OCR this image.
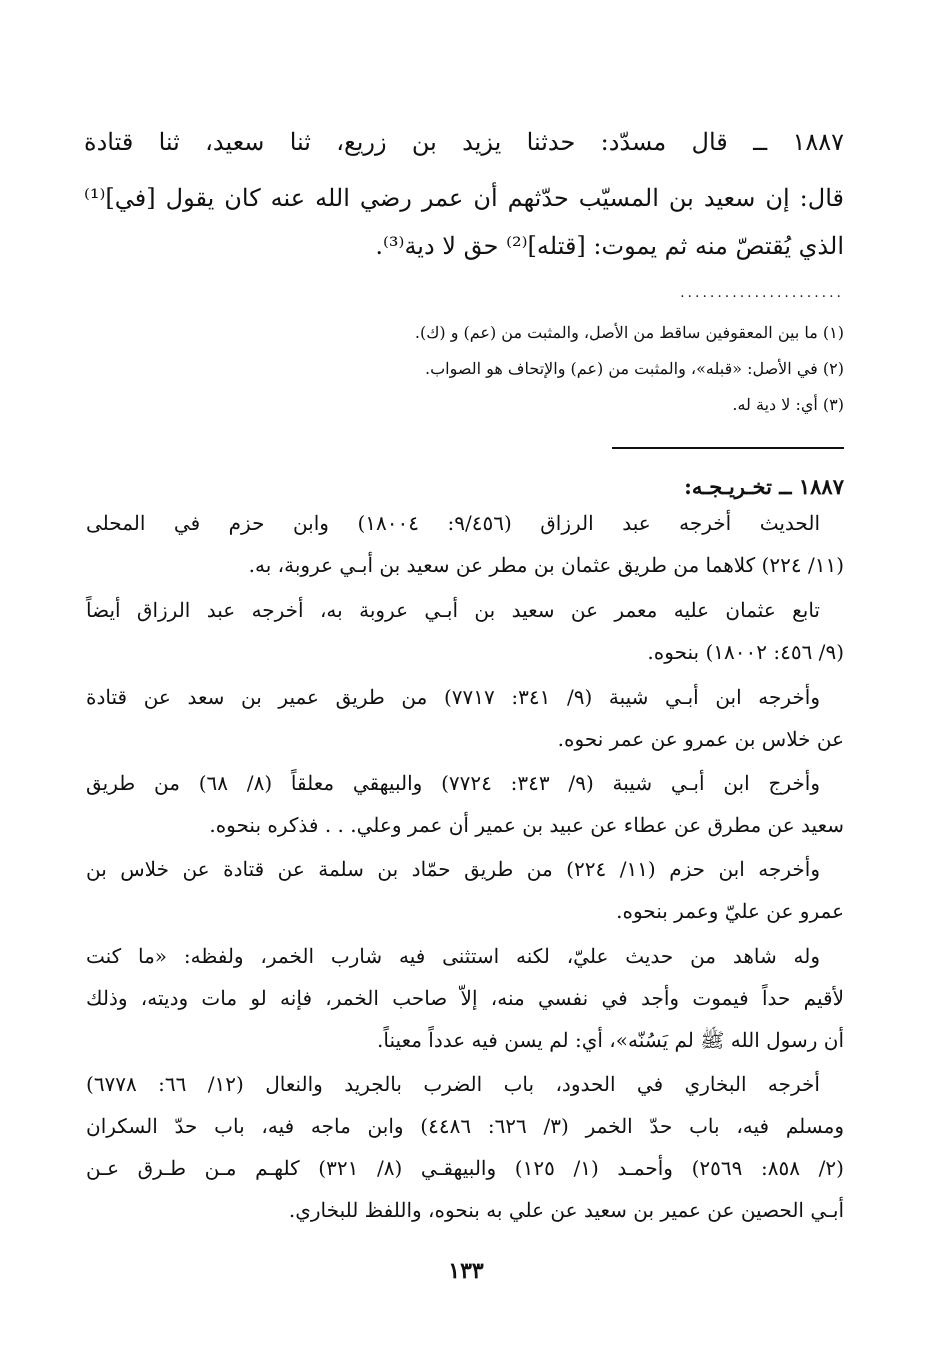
١٨٨٧ ــ قال مسدّد: حدثنا يزيد بن زريع، ثنا سعيد، ثنا قتادة
قال: إن سعيد بن المسيّب حدّثهم أن عمر رضي الله عنه كان يقول [في]⁽¹⁾
الذي يُقتصّ منه ثم يموت: [قتله]⁽²⁾ حق لا دية⁽³⁾.
......................
(١) ما بين المعقوفين ساقط من الأصل، والمثبت من (عم) و (ك).
(٢) في الأصل: «قبله»، والمثبت من (عم) والإتحاف هو الصواب.
(٣) أي: لا دية له.
١٨٨٧ ــ تخـريـجـه:
الحديث أخرجه عبد الرزاق (٩/٤٥٦: ١٨٠٠٤) وابن حزم في المحلى
(١١/ ٢٢٤) كلاهما من طريق عثمان بن مطر عن سعيد بن أبـي عروبة، به.
تابع عثمان عليه معمر عن سعيد بن أبـي عروبة به، أخرجه عبد الرزاق أيضاً
(٩/ ٤٥٦: ١٨٠٠٢) بنحوه.
وأخرجه ابن أبـي شيبة (٩/ ٣٤١: ٧٧١٧) من طريق عمير بن سعد عن قتادة
عن خلاس بن عمرو عن عمر نحوه.
وأخرج ابن أبـي شيبة (٩/ ٣٤٣: ٧٧٢٤) والبيهقي معلقاً (٨/ ٦٨) من طريق
سعيد عن مطرق عن عطاء عن عبيد بن عمير أن عمر وعلي. . . فذكره بنحوه.
وأخرجه ابن حزم (١١/ ٢٢٤) من طريق حمّاد بن سلمة عن قتادة عن خلاس بن
عمرو عن عليّ وعمر بنحوه.
وله شاهد من حديث عليّ، لكنه استثنى فيه شارب الخمر، ولفظه: «ما كنت
لأقيم حداً فيموت وأجد في نفسي منه، إلاّ صاحب الخمر، فإنه لو مات وديته، وذلك
أن رسول الله ﷺ لم يَسُنّه»، أي: لم يسن فيه عدداً معيناً.
أخرجه البخاري في الحدود، باب الضرب بالجريد والنعال (١٢/ ٦٦: ٦٧٧٨)
ومسلم فيه، باب حدّ الخمر (٣/ ٦٢٦: ٤٤٨٦) وابن ماجه فيه، باب حدّ السكران
(٢/ ٨٥٨: ٢٥٦٩) وأحمـد (١/ ١٢٥) والبيهقـي (٨/ ٣٢١) كلهـم مـن طـرق عـن
أبـي الحصين عن عمير بن سعيد عن علي به بنحوه، واللفظ للبخاري.
١٣٣
